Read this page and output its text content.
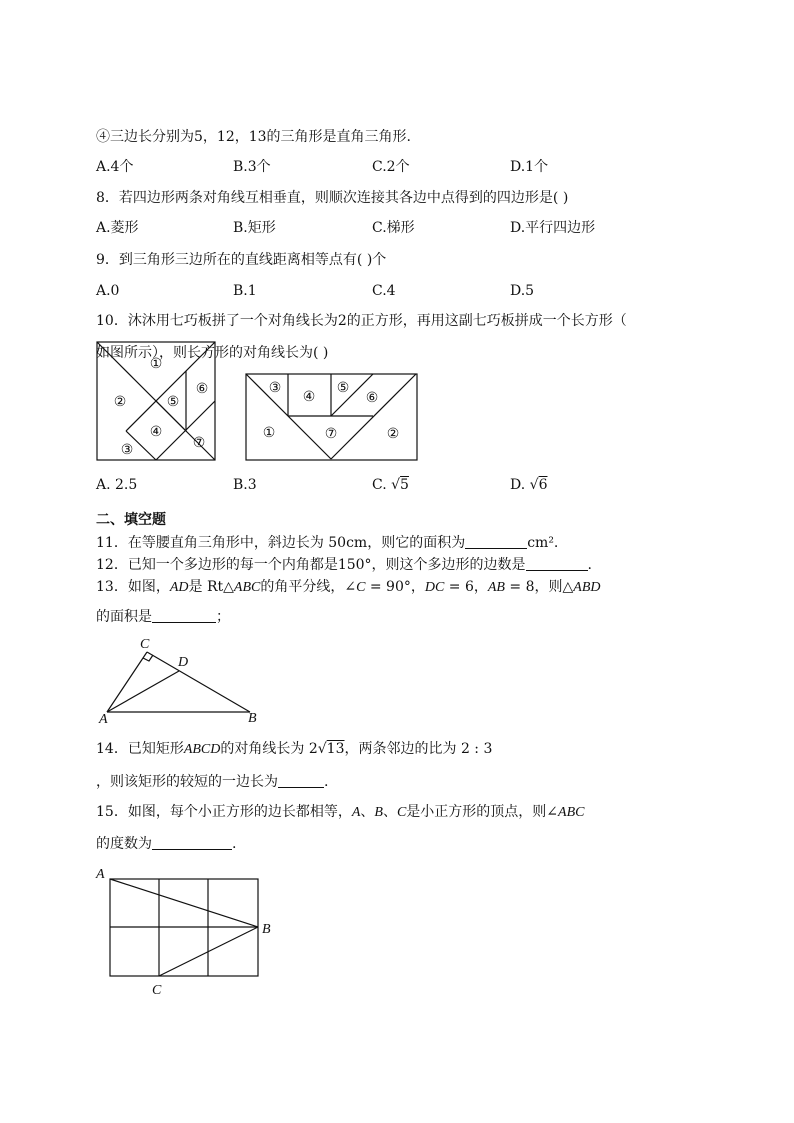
④三边长分别为5，12，13的三角形是直角三角形.
A.4个	B.3个	C.2个	D.1个
8．若四边形两条对角线互相垂直，则顺次连接其各边中点得到的四边形是( )
A.菱形	B.矩形	C.梯形	D.平行四边形
9．到三角形三边所在的直线距离相等点有( )个
A.0	B.1	C.4	D.5
10．沐沐用七巧板拼了一个对角线长为2的正方形，再用这副七巧板拼成一个长方形（
如图所示），则长方形的对角线长为( )
①
②
③
④
⑤
⑥
⑦
③
④
⑤
⑥
①	⑦	②
A. 2.5	B.3	C. √5	D. √6
二、填空题
11．在等腰直角三角形中，斜边长为 50cm，则它的面积为	cm².
12．已知一个多边形的每一个内角都是150°，则这个多边形的边数是	.
13．如图，AD是 Rt△ABC的角平分线，∠C = 90°，DC = 6，AB = 8，则△ABD
的面积是	；
C
D
A	B
14．已知矩形ABCD的对角线长为 2√13，两条邻边的比为 2 : 3
，则该矩形的较短的一边长为	.
15．如图，每个小正方形的边长都相等，A、B、C是小正方形的顶点，则∠ABC
的度数为	.
A
B
C
